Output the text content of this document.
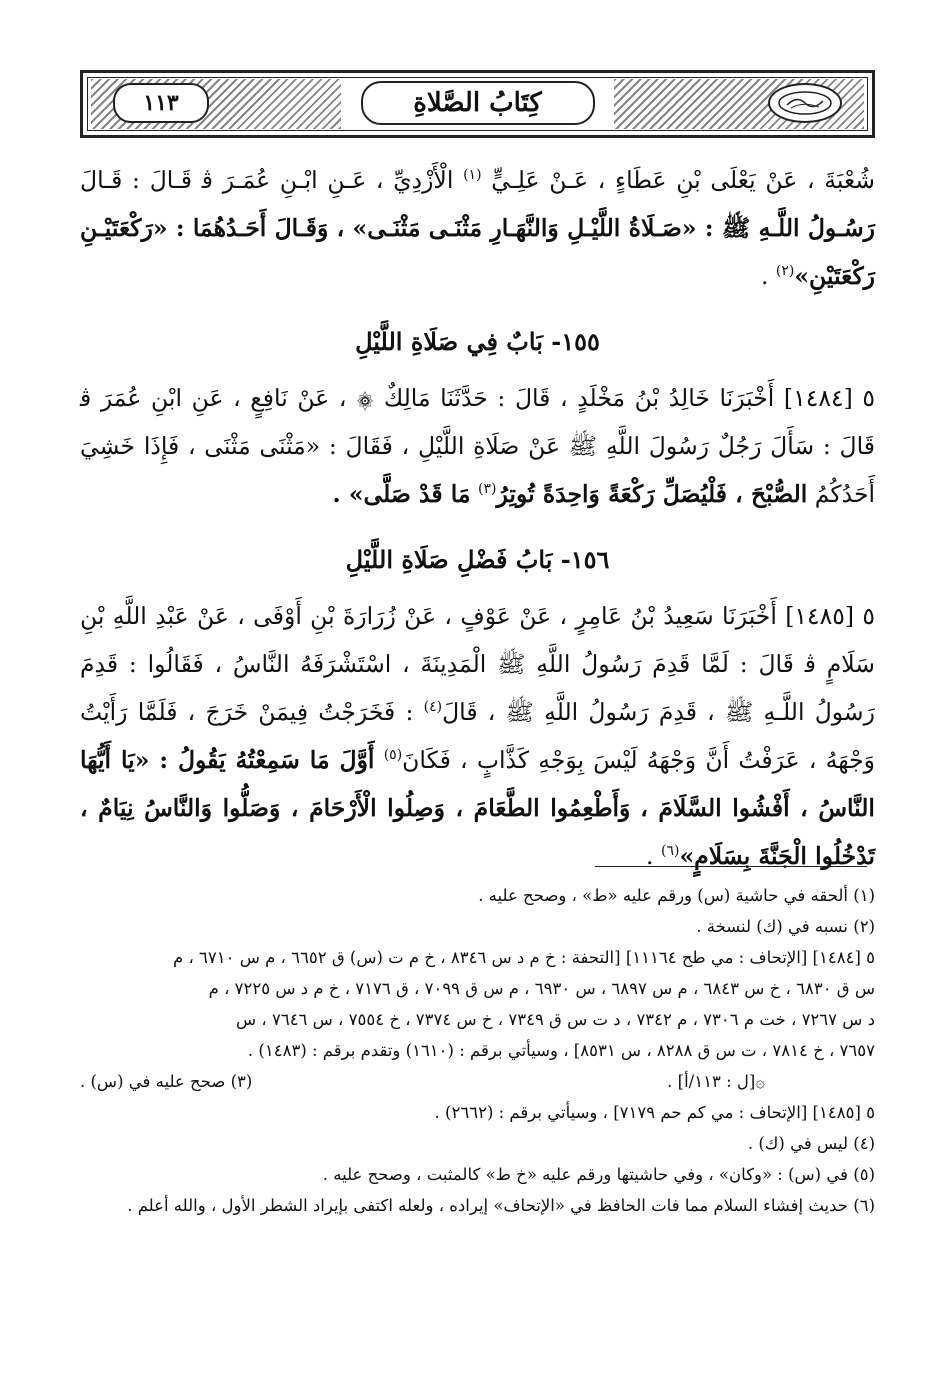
١١٣	كِتَابُ الصَّلاةِ

شُعْبَةَ ، عَنْ يَعْلَى بْنِ عَطَاءٍ ، عَـنْ عَلِـيٍّ $^{(١)}$ الْأَزْدِيِّ ، عَـنِ ابْـنِ عُمَـرَ ﭬ قَـالَ : قَـالَ رَسُـولُ اللَّـهِ ﷺ : «صَـلَاةُ اللَّيْـلِ وَالنَّهَـارِ مَثْنَـى مَثْنَـى» ، وَقَـالَ أَحَـدُهُمَا : «رَكْعَتَيْـنِ رَكْعَتَيْنِ»$^{(٢)}$ .

١٥٥- بَابٌ فِي صَلَاةِ اللَّيْلِ

٥ [١٤٨٤] أَخْبَرَنَا خَالِدُ بْنُ مَخْلَدٍ ، قَالَ : حَدَّثَنَا مَالِكٌ ۞ ، عَنْ نَافِعٍ ، عَنِ ابْنِ عُمَرَ ﭬ قَالَ : سَأَلَ رَجُلٌ رَسُولَ اللَّهِ ﷺ عَنْ صَلَاةِ اللَّيْلِ ، فَقَالَ : «مَثْنَى مَثْنَى ، فَإِذَا خَشِيَ أَحَدُكُمُ الصُّبْحَ ، فَلْيُصَلِّ رَكْعَةً وَاحِدَةً تُوتِرُ$^{(٣)}$ مَا قَدْ صَلَّى» .

١٥٦- بَابُ فَضْلِ صَلَاةِ اللَّيْلِ

٥ [١٤٨٥] أَخْبَرَنَا سَعِيدُ بْنُ عَامِرٍ ، عَنْ عَوْفٍ ، عَنْ زُرَارَةَ بْنِ أَوْفَى ، عَنْ عَبْدِ اللَّهِ بْنِ سَلَامٍ ﭬ قَالَ : لَمَّا قَدِمَ رَسُولُ اللَّهِ ﷺ الْمَدِينَةَ ، اسْتَشْرَفَهُ النَّاسُ ، فَقَالُوا : قَدِمَ رَسُولُ اللَّـهِ ﷺ ، قَدِمَ رَسُولُ اللَّهِ ﷺ ، قَالَ$^{(٤)}$ : فَخَرَجْتُ فِيمَنْ خَرَجَ ، فَلَمَّا رَأَيْتُ وَجْهَهُ ، عَرَفْتُ أَنَّ وَجْهَهُ لَيْسَ بِوَجْهِ كَذَّابٍ ، فَكَانَ$^{(٥)}$ أَوَّلَ مَا سَمِعْتُهُ يَقُولُ : «يَا أَيُّهَا النَّاسُ ، أَفْشُوا السَّلَامَ ، وَأَطْعِمُوا الطَّعَامَ ، وَصِلُوا الْأَرْحَامَ ، وَصَلُّوا وَالنَّاسُ نِيَامٌ ، تَدْخُلُوا الْجَنَّةَ بِسَلَامٍ»$^{(٦)}$ .

(١) ألحقه في حاشية (س) ورقم عليه «ط» ، وصحح عليه .

(٢) نسبه في (ك) لنسخة .

٥ [١٤٨٤] [الإتحاف : مي طح ١١١٦٤] [التحفة : خ م د س ٨٣٤٦ ، خ م ت (س) ق ٦٦٥٢ ، م س ٦٧١٠ ، م

س ق ٦٨٣٠ ، خ س ٦٨٤٣ ، م س ٦٨٩٧ ، س ٦٩٣٠ ، م س ق ٧٠٩٩ ، ق ٧١٧٦ ، خ م د س ٧٢٢٥ ، م

د س ٧٢٦٧ ، خت م ٧٣٠٦ ، م ٧٣٤٢ ، د ت س ق ٧٣٤٩ ، خ س ٧٣٧٤ ، خ ٧٥٥٤ ، س ٧٦٤٦ ، س

٧٦٥٧ ، خ ٧٨١٤ ، ت س ق ٨٢٨٨ ، س ٨٥٣١] ، وسيأتي برقم : (١٦١٠) وتقدم برقم : (١٤٨٣) .

۞[ل : ١١٣/أ] .
(٣) صحح عليه في (س) .

٥ [١٤٨٥] [الإتحاف : مي كم حم ٧١٧٩] ، وسيأتي برقم : (٢٦٦٢) .

(٤) ليس في (ك) .

(٥) في (س) : «وكان» ، وفي حاشيتها ورقم عليه «خ ط» كالمثبت ، وصحح عليه .

(٦) حديث إفشاء السلام مما فات الحافظ في «الإتحاف» إيراده ، ولعله اكتفى بإيراد الشطر الأول ، والله أعلم .
